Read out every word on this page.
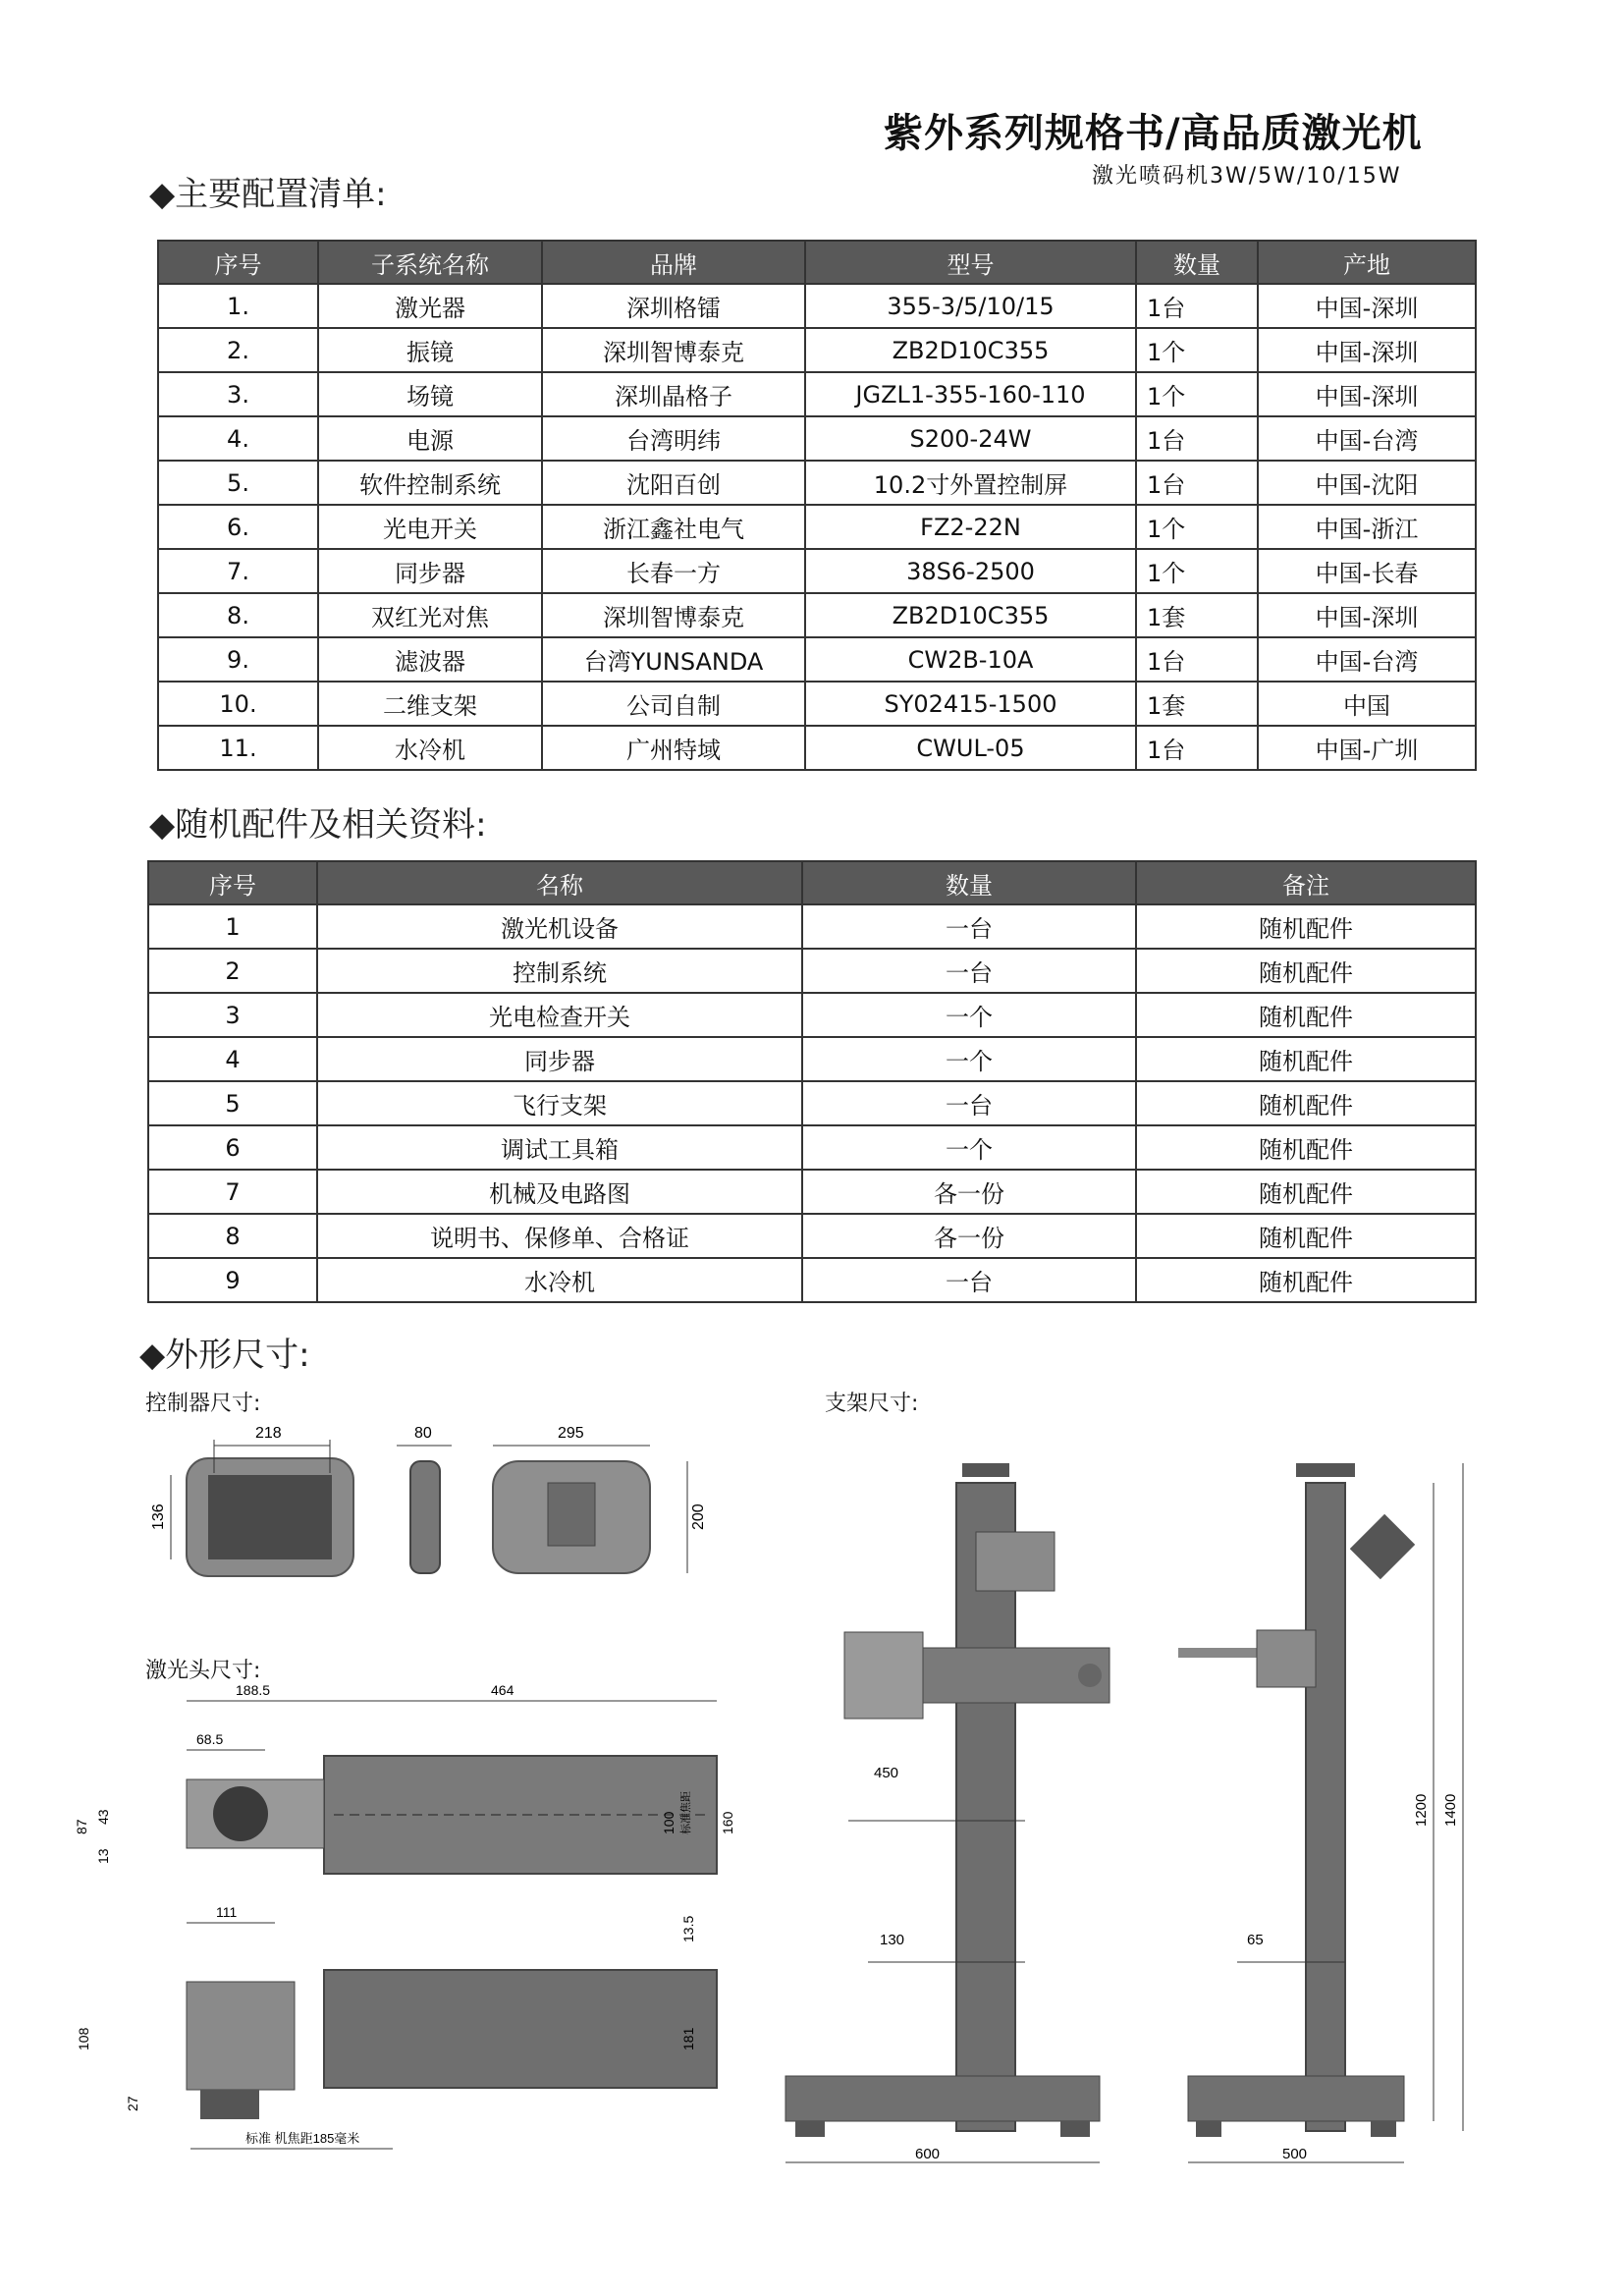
紫外系列规格书/高品质激光机
激光喷码机3W/5W/10/15W
◆主要配置清单:
序号	子系统名称	品牌	型号	数量	产地
1.	激光器	深圳格镭	355-3/5/10/15	1台	中国-深圳
2.	振镜	深圳智博泰克	ZB2D10C355	1个	中国-深圳
3.	场镜	深圳晶格子	JGZL1-355-160-110	1个	中国-深圳
4.	电源	台湾明纬	S200-24W	1台	中国-台湾
5.	软件控制系统	沈阳百创	10.2寸外置控制屏	1台	中国-沈阳
6.	光电开关	浙江鑫社电气	FZ2-22N	1个	中国-浙江
7.	同步器	长春一方	38S6-2500	1个	中国-长春
8.	双红光对焦	深圳智博泰克	ZB2D10C355	1套	中国-深圳
9.	滤波器	台湾YUNSANDA	CW2B-10A	1台	中国-台湾
10.	二维支架	公司自制	SY02415-1500	1套	中国
11.	水冷机	广州特域	CWUL-05	1台	中国-广圳
◆随机配件及相关资料:
序号	名称	数量	备注
1	激光机设备	一台	随机配件
2	控制系统	一台	随机配件
3	光电检查开关	一个	随机配件
4	同步器	一个	随机配件
5	飞行支架	一台	随机配件
6	调试工具箱	一个	随机配件
7	机械及电路图	各一份	随机配件
8	说明书、保修单、合格证	各一份	随机配件
9	水冷机	一台	随机配件
◆外形尺寸:
控制器尺寸:
激光头尺寸:
支架尺寸:
218
136
80	295
200
188.5	464
68.5
87
43
13
100 标准焦距 160
111
108
27
13.5
181
标准 机焦距185毫米
450
130
600
65
500
1200 1400
